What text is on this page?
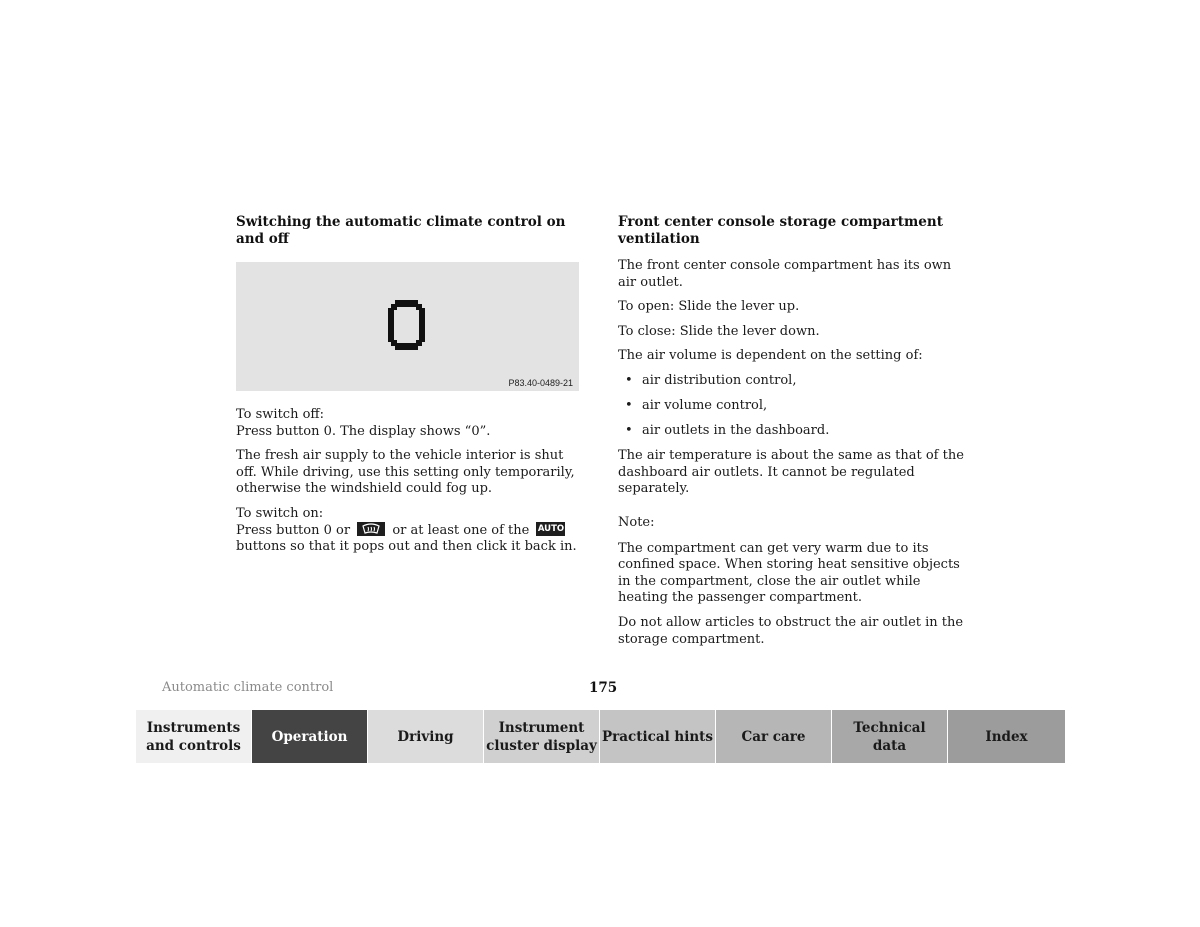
Switching the automatic climate control on and off
P83.40-0489-21

To switch off:
Press button 0. The display shows “0”.

The fresh air supply to the vehicle interior is shut off. While driving, use this setting only temporarily, otherwise the windshield could fog up.

To switch on:
Press button 0 or	or at least one of the AUTO buttons so that it pops out and then click it back in.

Front center console storage compartment ventilation

The front center console compartment has its own air outlet.

To open: Slide the lever up.

To close: Slide the lever down.

The air volume is dependent on the setting of:

• air distribution control,
• air volume control,
• air outlets in the dashboard.

The air temperature is about the same as that of the dashboard air outlets. It cannot be regulated separately.

Note:

The compartment can get very warm due to its confined space. When storing heat sensitive objects in the compartment, close the air outlet while heating the passenger compartment.

Do not allow articles to obstruct the air outlet in the storage compartment.

Automatic climate control	175
Instruments
and controls
Operation	Driving
Instrument
cluster display
Practical hints Car care
Technical
data
Index
